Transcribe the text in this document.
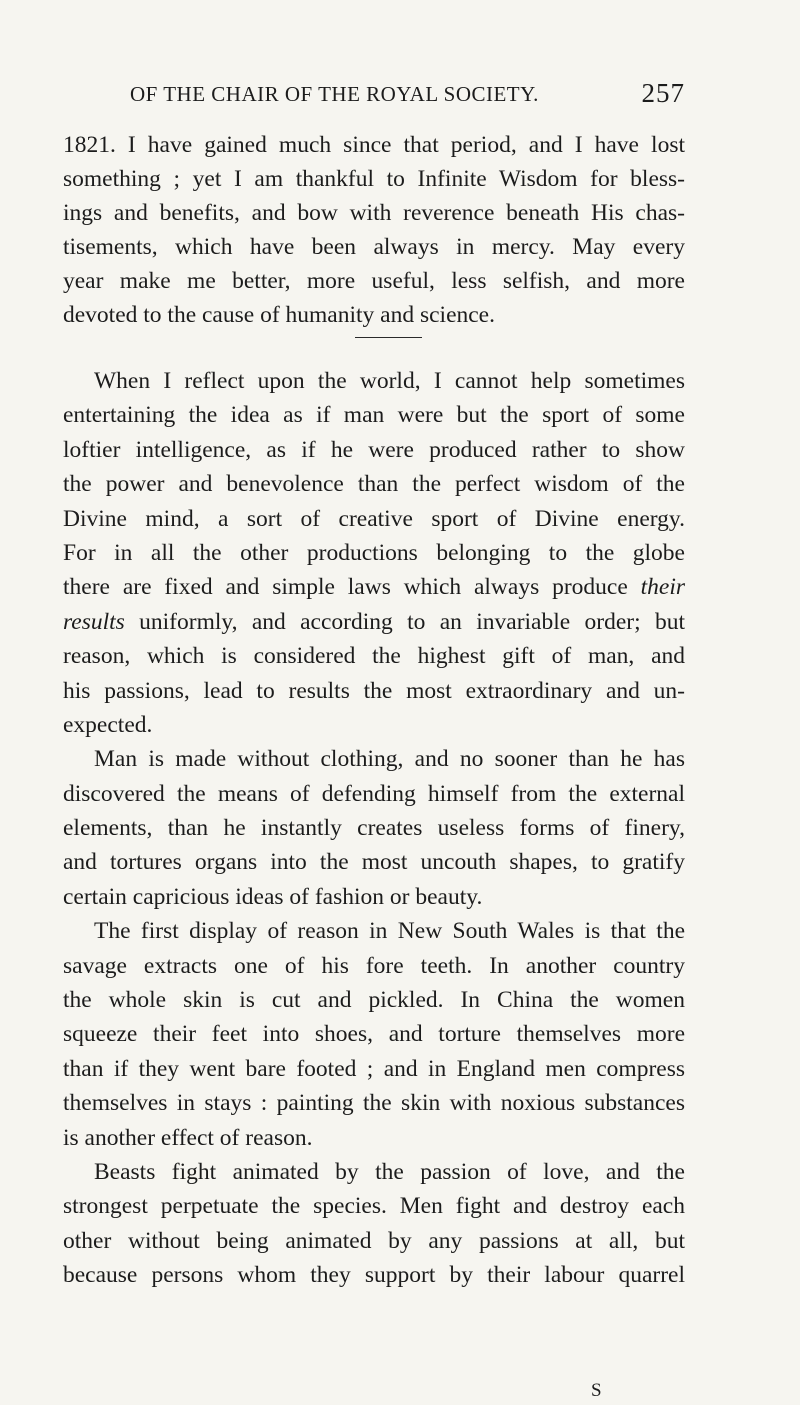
OF THE CHAIR OF THE ROYAL SOCIETY.	257
1821. I have gained much since that period, and I have lost
something ; yet I am thankful to Infinite Wisdom for bless-
ings and benefits, and bow with reverence beneath His chas-
tisements, which have been always in mercy. May every
year make me better, more useful, less selfish, and more
devoted to the cause of humanity and science.
When I reflect upon the world, I cannot help sometimes
entertaining the idea as if man were but the sport of some
loftier intelligence, as if he were produced rather to show
the power and benevolence than the perfect wisdom of the
Divine mind, a sort of creative sport of Divine energy.
For in all the other productions belonging to the globe
there are fixed and simple laws which always produce their
results uniformly, and according to an invariable order; but
reason, which is considered the highest gift of man, and
his passions, lead to results the most extraordinary and un-
expected.
Man is made without clothing, and no sooner than he has
discovered the means of defending himself from the external
elements, than he instantly creates useless forms of finery,
and tortures organs into the most uncouth shapes, to gratify
certain capricious ideas of fashion or beauty.
The first display of reason in New South Wales is that the
savage extracts one of his fore teeth. In another country
the whole skin is cut and pickled. In China the women
squeeze their feet into shoes, and torture themselves more
than if they went bare footed ; and in England men compress
themselves in stays : painting the skin with noxious substances
is another effect of reason.
Beasts fight animated by the passion of love, and the
strongest perpetuate the species. Men fight and destroy each
other without being animated by any passions at all, but
because persons whom they support by their labour quarrel
S
